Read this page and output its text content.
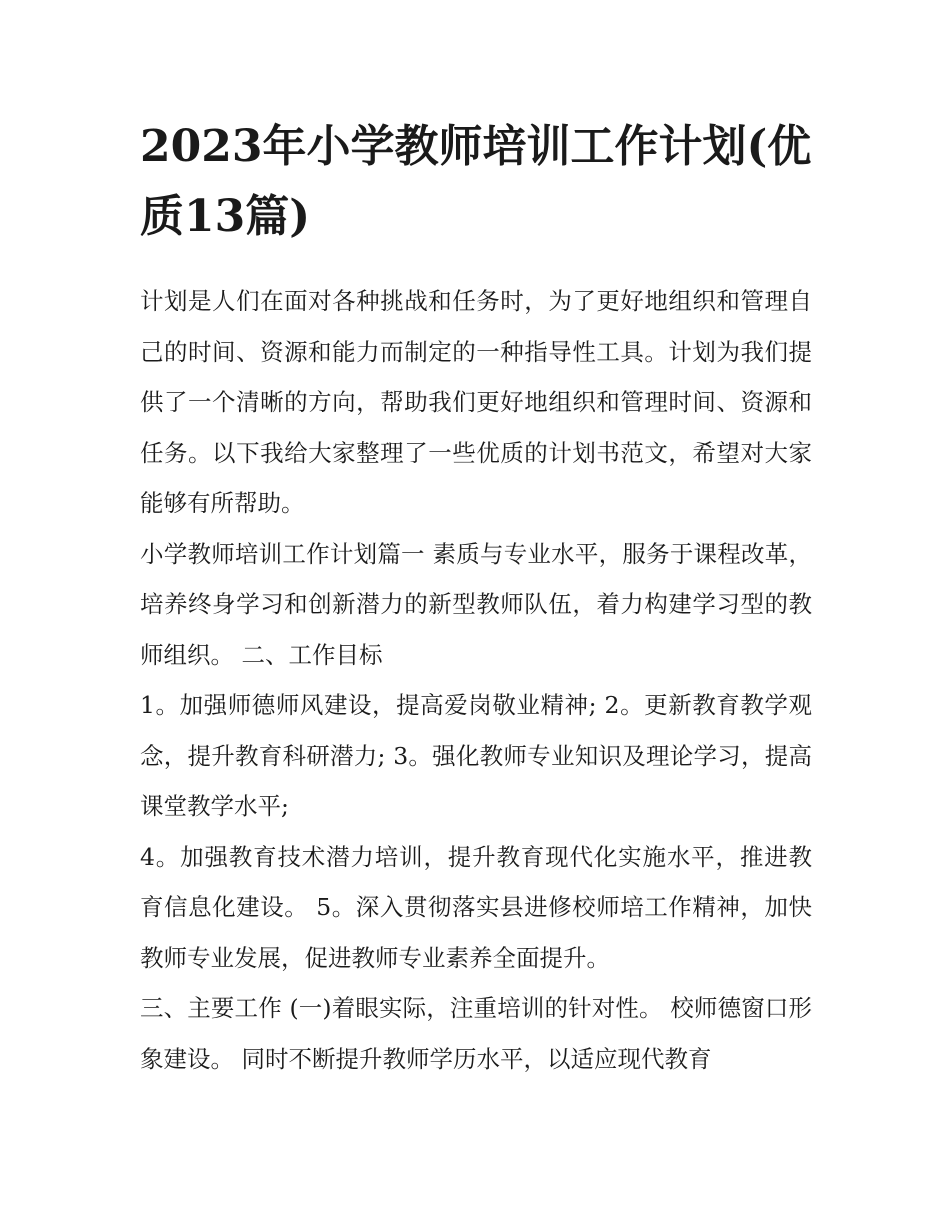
2023年小学教师培训工作计划(优质13篇)

计划是人们在面对各种挑战和任务时，为了更好地组织和管理自己的时间、资源和能力而制定的一种指导性工具。计划为我们提供了一个清晰的方向，帮助我们更好地组织和管理时间、资源和任务。以下我给大家整理了一些优质的计划书范文，希望对大家能够有所帮助。

小学教师培训工作计划篇一 素质与专业水平，服务于课程改革，培养终身学习和创新潜力的新型教师队伍，着力构建学习型的教师组织。 二、工作目标

1。加强师德师风建设，提高爱岗敬业精神; 2。更新教育教学观念，提升教育科研潜力; 3。强化教师专业知识及理论学习，提高课堂教学水平;

4。加强教育技术潜力培训，提升教育现代化实施水平，推进教育信息化建设。 5。深入贯彻落实县进修校师培工作精神，加快教师专业发展，促进教师专业素养全面提升。

三、主要工作 (一)着眼实际，注重培训的针对性。 校师德窗口形象建设。 同时不断提升教师学历水平，以适应现代教育
